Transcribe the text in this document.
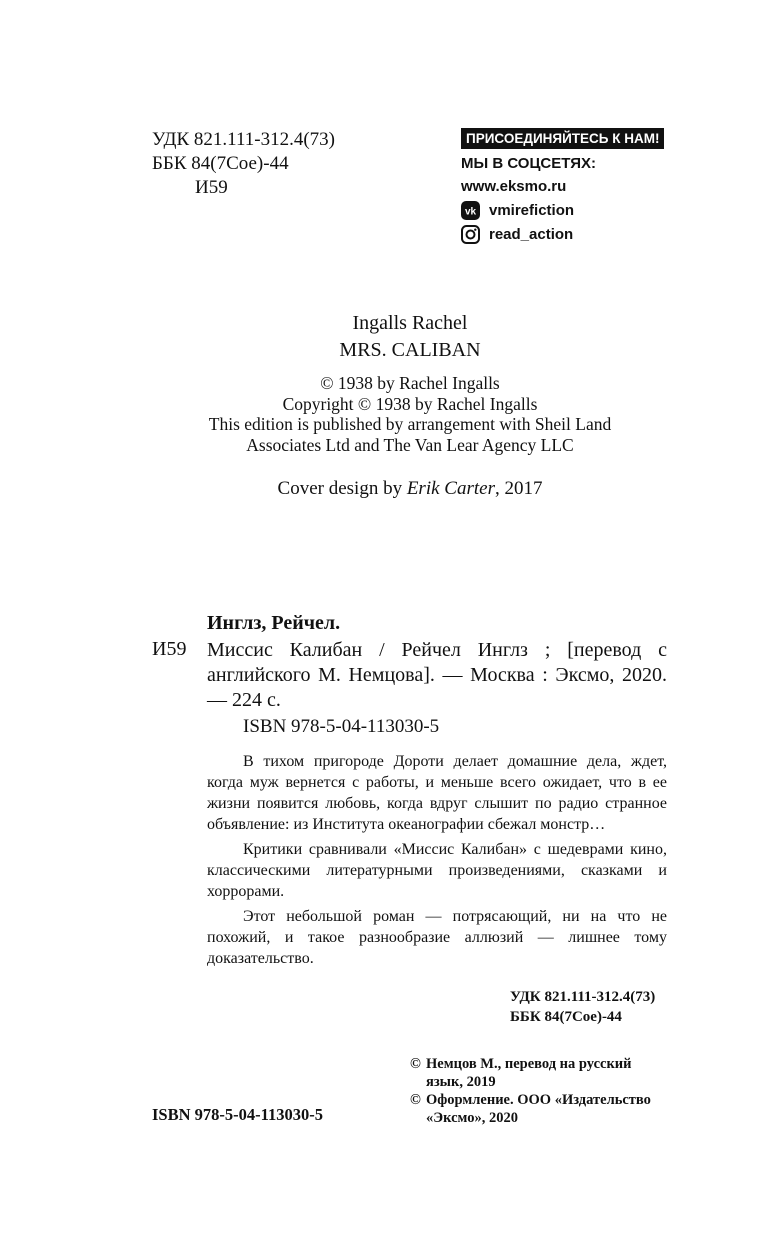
УДК 821.111-312.4(73)
ББК 84(7Сое)-44
И59
ПРИСОЕДИНЯЙТЕСЬ К НАМ!
МЫ В СОЦСЕТЯХ:
www.eksmo.ru
vk vmirefiction
read_action
Ingalls Rachel
MRS. CALIBAN
© 1938 by Rachel Ingalls
Copyright © 1938 by Rachel Ingalls
This edition is published by arrangement with Sheil Land
Associates Ltd and The Van Lear Agency LLC
Cover design by Erik Carter, 2017
Инглз, Рейчел.
И59 Миссис Калибан / Рейчел Инглз ; [перевод с английского М. Немцова]. — Москва : Эксмо, 2020. — 224 с.
ISBN 978-5-04-113030-5

В тихом пригороде Дороти делает домашние дела, ждет, когда муж вернется с работы, и меньше всего ожидает, что в ее жизни появится любовь, когда вдруг слышит по радио странное объявление: из Института океанографии сбежал монстр…

Критики сравнивали «Миссис Калибан» с шедеврами кино, классическими литературными произведениями, сказками и хоррорами.

Этот небольшой роман — потрясающий, ни на что не похожий, и такое разнообразие аллюзий — лишнее тому доказательство.

УДК 821.111-312.4(73)
ББК 84(7Сое)-44
ISBN 978-5-04-113030-5
© Немцов М., перевод на русский язык, 2019
© Оформление. ООО «Издательство «Эксмо», 2020
